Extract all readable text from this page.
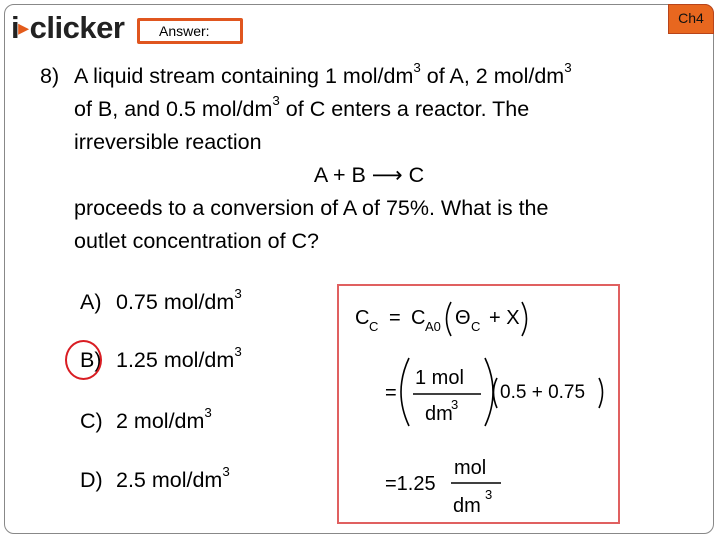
i▸clicker	Answer:
Ch4
8) A liquid stream containing 1 mol/$dm^3$ of A, 2 mol/$dm^3$
of B, and 0.5 mol/$dm^3$ of C enters a reactor. The
irreversible reaction
A + B ⟶ C
proceeds to a conversion of A of 75%. What is the
outlet concentration of C?
A) 0.75 mol/$dm^3$
B) 1.25 mol/$dm^3$
C) 2 mol/$dm^3$
D) 2.5 mol/$dm^3$
C C = C A0 Θ C + X
=
1 mol
dm
3
0.5 + 0.75
=1.25
mol
dm
3
